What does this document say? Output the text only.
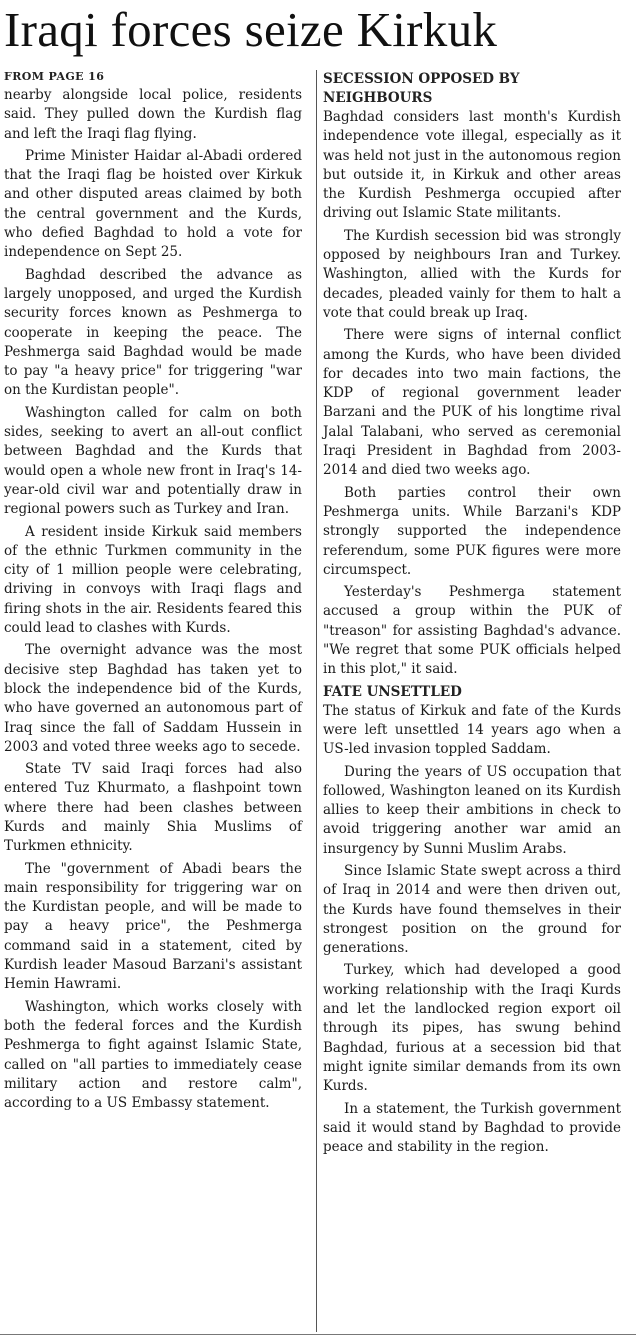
Iraqi forces seize Kirkuk
FROM PAGE 16

nearby alongside local police, residents said. They pulled down the Kurdish flag and left the Iraqi flag flying.

Prime Minister Haidar al-Abadi ordered that the Iraqi flag be hoisted over Kirkuk and other disputed areas claimed by both the central government and the Kurds, who defied Baghdad to hold a vote for independence on Sept 25.

Baghdad described the advance as largely unopposed, and urged the Kurdish security forces known as Peshmerga to cooperate in keeping the peace. The Peshmerga said Baghdad would be made to pay "a heavy price" for triggering "war on the Kurdistan people".

Washington called for calm on both sides, seeking to avert an all-out conflict between Baghdad and the Kurds that would open a whole new front in Iraq's 14-year-old civil war and potentially draw in regional powers such as Turkey and Iran.

A resident inside Kirkuk said members of the ethnic Turkmen community in the city of 1 million people were celebrating, driving in convoys with Iraqi flags and firing shots in the air. Residents feared this could lead to clashes with Kurds.

The overnight advance was the most decisive step Baghdad has taken yet to block the independence bid of the Kurds, who have governed an autonomous part of Iraq since the fall of Saddam Hussein in 2003 and voted three weeks ago to secede.

State TV said Iraqi forces had also entered Tuz Khurmato, a flashpoint town where there had been clashes between Kurds and mainly Shia Muslims of Turkmen ethnicity.

The "government of Abadi bears the main responsibility for triggering war on the Kurdistan people, and will be made to pay a heavy price", the Peshmerga command said in a statement, cited by Kurdish leader Masoud Barzani's assistant Hemin Hawrami.

Washington, which works closely with both the federal forces and the Kurdish Peshmerga to fight against Islamic State, called on "all parties to immediately cease military action and restore calm", according to a US Embassy statement.

SECESSION OPPOSED BY NEIGHBOURS

Baghdad considers last month's Kurdish independence vote illegal, especially as it was held not just in the autonomous region but outside it, in Kirkuk and other areas the Kurdish Peshmerga occupied after driving out Islamic State militants.

The Kurdish secession bid was strongly opposed by neighbours Iran and Turkey. Washington, allied with the Kurds for decades, pleaded vainly for them to halt a vote that could break up Iraq.

There were signs of internal conflict among the Kurds, who have been divided for decades into two main factions, the KDP of regional government leader Barzani and the PUK of his longtime rival Jalal Talabani, who served as ceremonial Iraqi President in Baghdad from 2003-2014 and died two weeks ago.

Both parties control their own Peshmerga units. While Barzani's KDP strongly supported the independence referendum, some PUK figures were more circumspect.

Yesterday's Peshmerga statement accused a group within the PUK of "treason" for assisting Baghdad's advance. "We regret that some PUK officials helped in this plot," it said.

FATE UNSETTLED

The status of Kirkuk and fate of the Kurds were left unsettled 14 years ago when a US-led invasion toppled Saddam.

During the years of US occupation that followed, Washington leaned on its Kurdish allies to keep their ambitions in check to avoid triggering another war amid an insurgency by Sunni Muslim Arabs.

Since Islamic State swept across a third of Iraq in 2014 and were then driven out, the Kurds have found themselves in their strongest position on the ground for generations.

Turkey, which had developed a good working relationship with the Iraqi Kurds and let the landlocked region export oil through its pipes, has swung behind Baghdad, furious at a secession bid that might ignite similar demands from its own Kurds.

In a statement, the Turkish government said it would stand by Baghdad to provide peace and stability in the region.
